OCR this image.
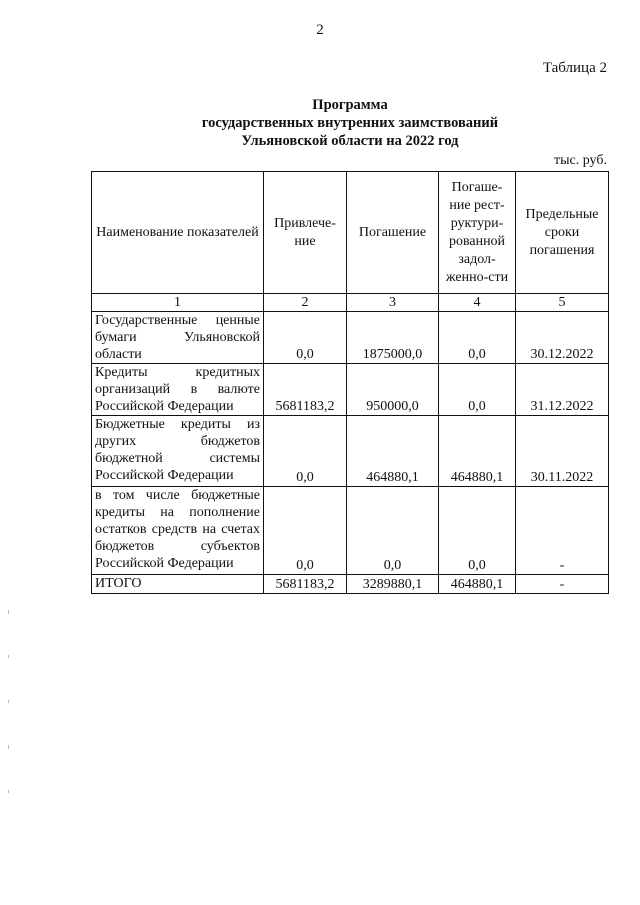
2
Таблица 2
Программа
государственных внутренних заимствований
Ульяновской области на 2022 год
тыс. руб.
Наименование показателей	Привлече-ние	Погашение	Погаше-ние рест-руктури-рованной задол-женно-сти	Предельные сроки погашения
1	2	3	4	5
Государственные ценные бумаги Ульяновской области	0,0	1875000,0	0,0	30.12.2022
Кредиты кредитных организаций в валюте Российской Федерации	5681183,2	950000,0	0,0	31.12.2022
Бюджетные кредиты из других бюджетов бюджетной системы Российской Федерации	0,0	464880,1	464880,1	30.11.2022
в том числе бюджетные кредиты на пополнение остатков средств на счетах бюджетов субъектов Российской Федерации	0,0	0,0	0,0	-
ИТОГО	5681183,2	3289880,1	464880,1	-
